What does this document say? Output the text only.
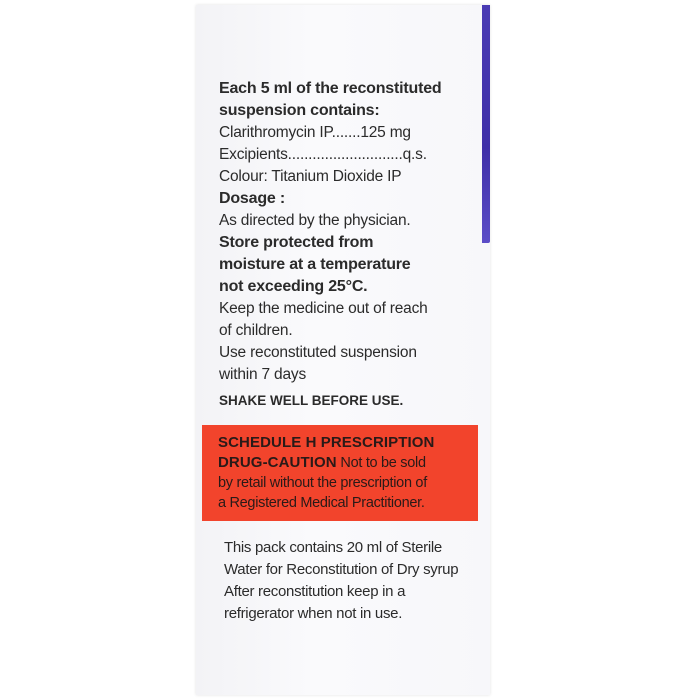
Each 5 ml of the reconstituted
suspension contains:
Clarithromycin IP.......125 mg
Excipients............................q.s.
Colour: Titanium Dioxide IP
Dosage :
As directed by the physician.
Store protected from
moisture at a temperature
not exceeding 25°C.
Keep the medicine out of reach
of children.
Use reconstituted suspension
within 7 days
SHAKE WELL BEFORE USE.
SCHEDULE H PRESCRIPTION
DRUG-CAUTION Not to be sold
by retail without the prescription of
a Registered Medical Practitioner.
This pack contains 20 ml of Sterile
Water for Reconstitution of Dry syrup
After reconstitution keep in a
refrigerator when not in use.
